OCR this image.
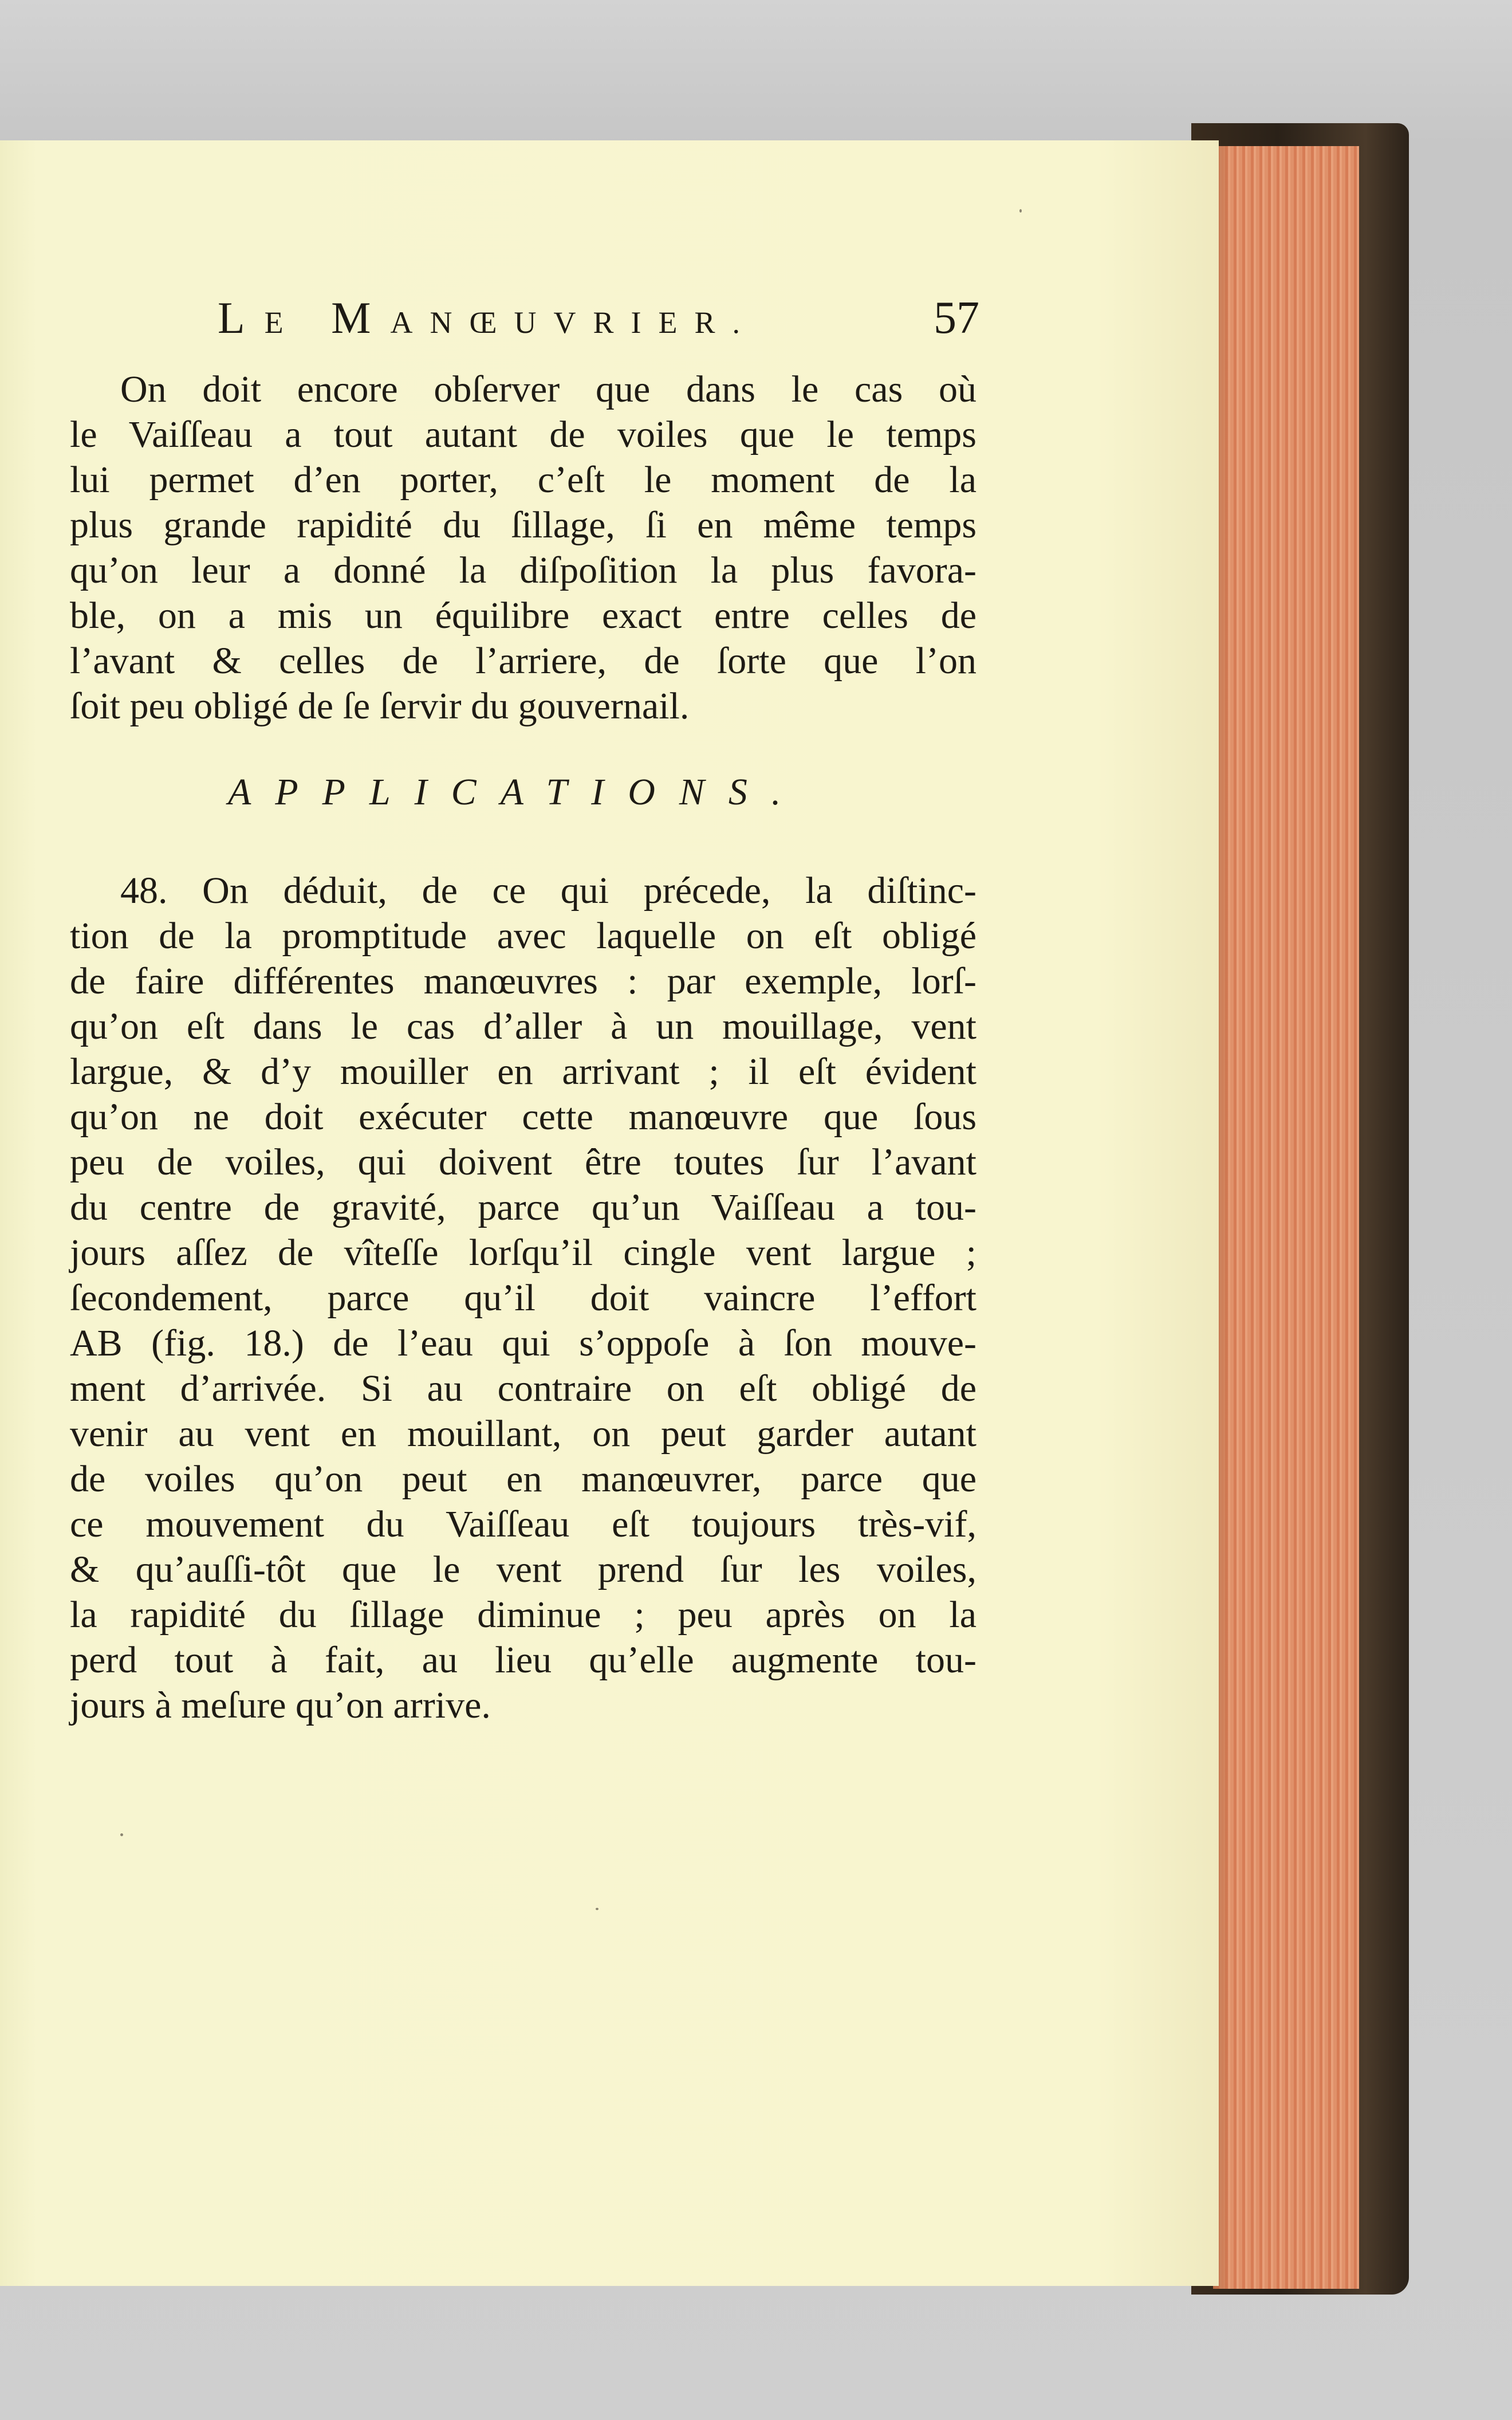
LE MANŒUVRIER.	57
On doit encore obſerver que dans le cas où
le Vaiſſeau a tout autant de voiles que le temps
lui permet d’en porter, c’eſt le moment de la
plus grande rapidité du ſillage, ſi en même temps
qu’on leur a donné la diſpoſition la plus favora-
ble, on a mis un équilibre exact entre celles de
l’avant & celles de l’arriere, de ſorte que l’on
ſoit peu obligé de ſe ſervir du gouvernail.
APPLICATIONS.
48. On déduit, de ce qui précede, la diſtinc-
tion de la promptitude avec laquelle on eſt obligé
de faire différentes manœuvres : par exemple, lorſ-
qu’on eſt dans le cas d’aller à un mouillage, vent
largue, & d’y mouiller en arrivant ; il eſt évident
qu’on ne doit exécuter cette manœuvre que ſous
peu de voiles, qui doivent être toutes ſur l’avant
du centre de gravité, parce qu’un Vaiſſeau a tou-
jours aſſez de vîteſſe lorſqu’il cingle vent largue ;
ſecondement, parce qu’il doit vaincre l’effort
AB (fig. 18.) de l’eau qui s’oppoſe à ſon mouve-
ment d’arrivée. Si au contraire on eſt obligé de
venir au vent en mouillant, on peut garder autant
de voiles qu’on peut en manœuvrer, parce que
ce mouvement du Vaiſſeau eſt toujours très-vif,
& qu’auſſi-tôt que le vent prend ſur les voiles,
la rapidité du ſillage diminue ; peu après on la
perd tout à fait, au lieu qu’elle augmente tou-
jours à meſure qu’on arrive.
